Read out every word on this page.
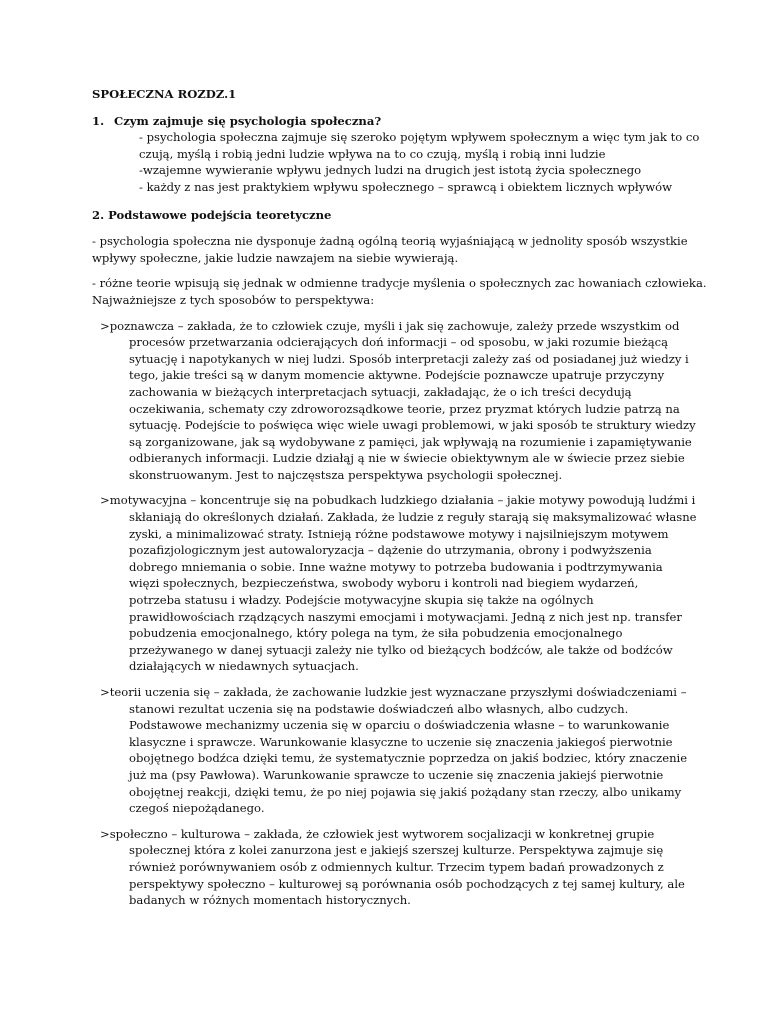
SPOŁECZNA ROZDZ.1
1. Czym zajmuje się psychologia społeczna?
- psychologia społeczna zajmuje się szeroko pojętym wpływem społecznym a więc tym jak to co
czują, myślą i robią jedni ludzie wpływa na to co czują, myślą i robią inni ludzie
-wzajemne wywieranie wpływu jednych ludzi na drugich jest istotą życia społecznego
- każdy z nas jest praktykiem wpływu społecznego – sprawcą i obiektem licznych wpływów
2. Podstawowe podejścia teoretyczne
- psychologia społeczna nie dysponuje żadną ogólną teorią wyjaśniającą w jednolity sposób wszystkie
wpływy społeczne, jakie ludzie nawzajem na siebie wywierają.
- różne teorie wpisują się jednak w odmienne tradycje myślenia o społecznych zac howaniach człowieka.
Najważniejsze z tych sposobów to perspektywa:
>poznawcza – zakłada, że to człowiek czuje, myśli i jak się zachowuje, zależy przede wszystkim od
procesów przetwarzania odcierających doń informacji – od sposobu, w jaki rozumie bieżącą
sytuację i napotykanych w niej ludzi. Sposób interpretacji zależy zaś od posiadanej już wiedzy i
tego, jakie treści są w danym momencie aktywne. Podejście poznawcze upatruje przyczyny
zachowania w bieżących interpretacjach sytuacji, zakładając, że o ich treści decydują
oczekiwania, schematy czy zdroworozsądkowe teorie, przez pryzmat których ludzie patrzą na
sytuację. Podejście to poświęca więc wiele uwagi problemowi, w jaki sposób te struktury wiedzy
są zorganizowane, jak są wydobywane z pamięci, jak wpływają na rozumienie i zapamiętywanie
odbieranych informacji. Ludzie działąj ą nie w świecie obiektywnym ale w świecie przez siebie
skonstruowanym. Jest to najczęstsza perspektywa psychologii społecznej.
>motywacyjna – koncentruje się na pobudkach ludzkiego działania – jakie motywy powodują ludźmi i
skłaniają do określonych działań. Zakłada, że ludzie z reguły starają się maksymalizować własne
zyski, a minimalizować straty. Istnieją różne podstawowe motywy i najsilniejszym motywem
pozafizjologicznym jest autowaloryzacja – dążenie do utrzymania, obrony i podwyższenia
dobrego mniemania o sobie. Inne ważne motywy to potrzeba budowania i podtrzymywania
więzi społecznych, bezpieczeństwa, swobody wyboru i kontroli nad biegiem wydarzeń,
potrzeba statusu i władzy. Podejście motywacyjne skupia się także na ogólnych
prawidłowościach rządzących naszymi emocjami i motywacjami. Jedną z nich jest np. transfer
pobudzenia emocjonalnego, który polega na tym, że siła pobudzenia emocjonalnego
przeżywanego w danej sytuacji zależy nie tylko od bieżących bodźców, ale także od bodźców
działających w niedawnych sytuacjach.
>teorii uczenia się – zakłada, że zachowanie ludzkie jest wyznaczane przyszłymi doświadczeniami –
stanowi rezultat uczenia się na podstawie doświadczeń albo własnych, albo cudzych.
Podstawowe mechanizmy uczenia się w oparciu o doświadczenia własne – to warunkowanie
klasyczne i sprawcze. Warunkowanie klasyczne to uczenie się znaczenia jakiegoś pierwotnie
obojętnego bodźca dzięki temu, że systematycznie poprzedza on jakiś bodziec, który znaczenie
już ma (psy Pawłowa). Warunkowanie sprawcze to uczenie się znaczenia jakiejś pierwotnie
obojętnej reakcji, dzięki temu, że po niej pojawia się jakiś pożądany stan rzeczy, albo unikamy
czegoś niepożądanego.
>społeczno – kulturowa – zakłada, że człowiek jest wytworem socjalizacji w konkretnej grupie
społecznej która z kolei zanurzona jest e jakiejś szerszej kulturze. Perspektywa zajmuje się
również porównywaniem osób z odmiennych kultur. Trzecim typem badań prowadzonych z
perspektywy społeczno – kulturowej są porównania osób pochodzących z tej samej kultury, ale
badanych w różnych momentach historycznych.
